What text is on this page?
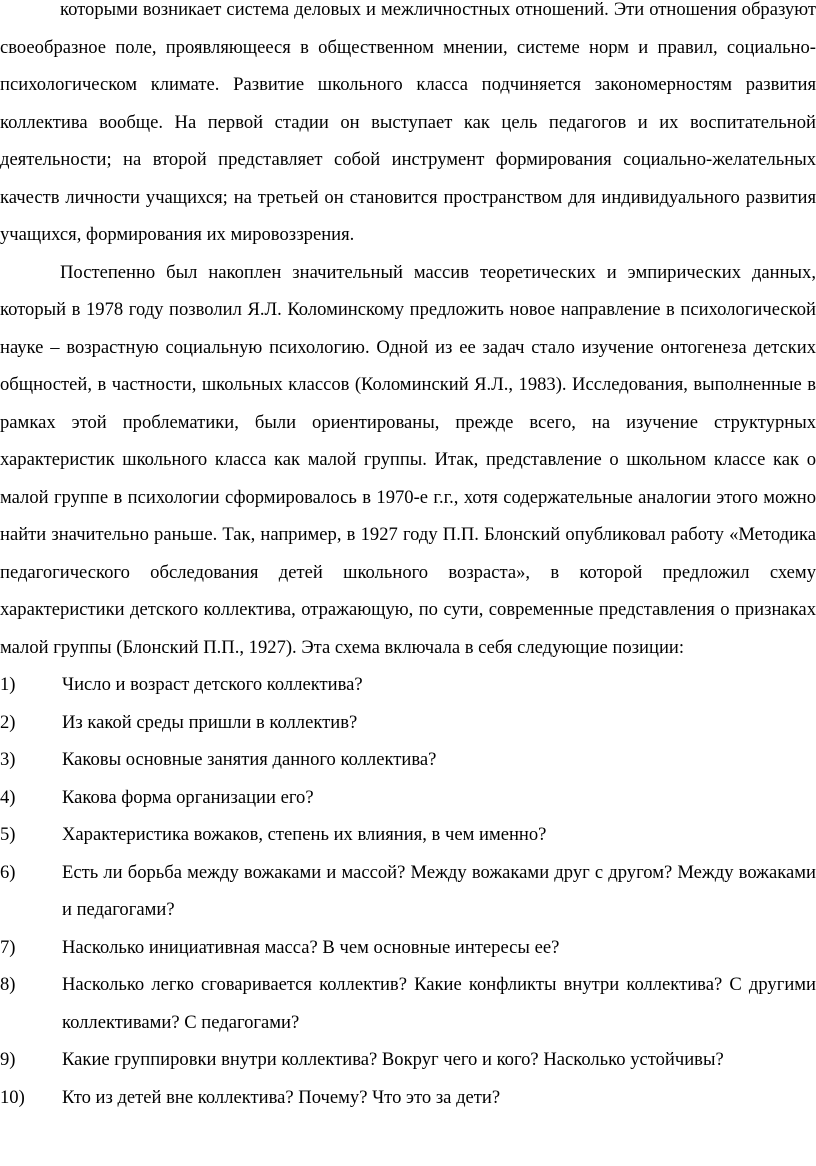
которыми возникает система деловых и межличностных отношений. Эти отношения образуют своеобразное поле, проявляющееся в общественном мнении, системе норм и правил, социально-психологическом климате. Развитие школьного класса подчиняется закономерностям развития коллектива вообще. На первой стадии он выступает как цель педагогов и их воспитательной деятельности; на второй представляет собой инструмент формирования социально-желательных качеств личности учащихся; на третьей он становится пространством для индивидуального развития учащихся, формирования их мировоззрения.

Постепенно был накоплен значительный массив теоретических и эмпирических данных, который в 1978 году позволил Я.Л. Коломинскому предложить новое направление в психологической науке – возрастную социальную психологию. Одной из ее задач стало изучение онтогенеза детских общностей, в частности, школьных классов (Коломинский Я.Л., 1983). Исследования, выполненные в рамках этой проблематики, были ориентированы, прежде всего, на изучение структурных характеристик школьного класса как малой группы. Итак, представление о школьном классе как о малой группе в психологии сформировалось в 1970-е г.г., хотя содержательные аналогии этого можно найти значительно раньше. Так, например, в 1927 году П.П. Блонский опубликовал работу «Методика педагогического обследования детей школьного возраста», в которой предложил схему характеристики детского коллектива, отражающую, по сути, современные представления о признаках малой группы (Блонский П.П., 1927). Эта схема включала в себя следующие позиции:

1)	Число и возраст детского коллектива?
2)	Из какой среды пришли в коллектив?
3)	Каковы основные занятия данного коллектива?
4)	Какова форма организации его?
5)	Характеристика вожаков, степень их влияния, в чем именно?
6)	Есть ли борьба между вожаками и массой? Между вожаками друг с другом? Между вожаками и педагогами?
7)	Насколько инициативная масса? В чем основные интересы ее?
8)	Насколько легко сговаривается коллектив? Какие конфликты внутри коллектива? С другими коллективами? С педагогами?
9)	Какие группировки внутри коллектива? Вокруг чего и кого? Насколько устойчивы?
10)	Кто из детей вне коллектива? Почему? Что это за дети?
